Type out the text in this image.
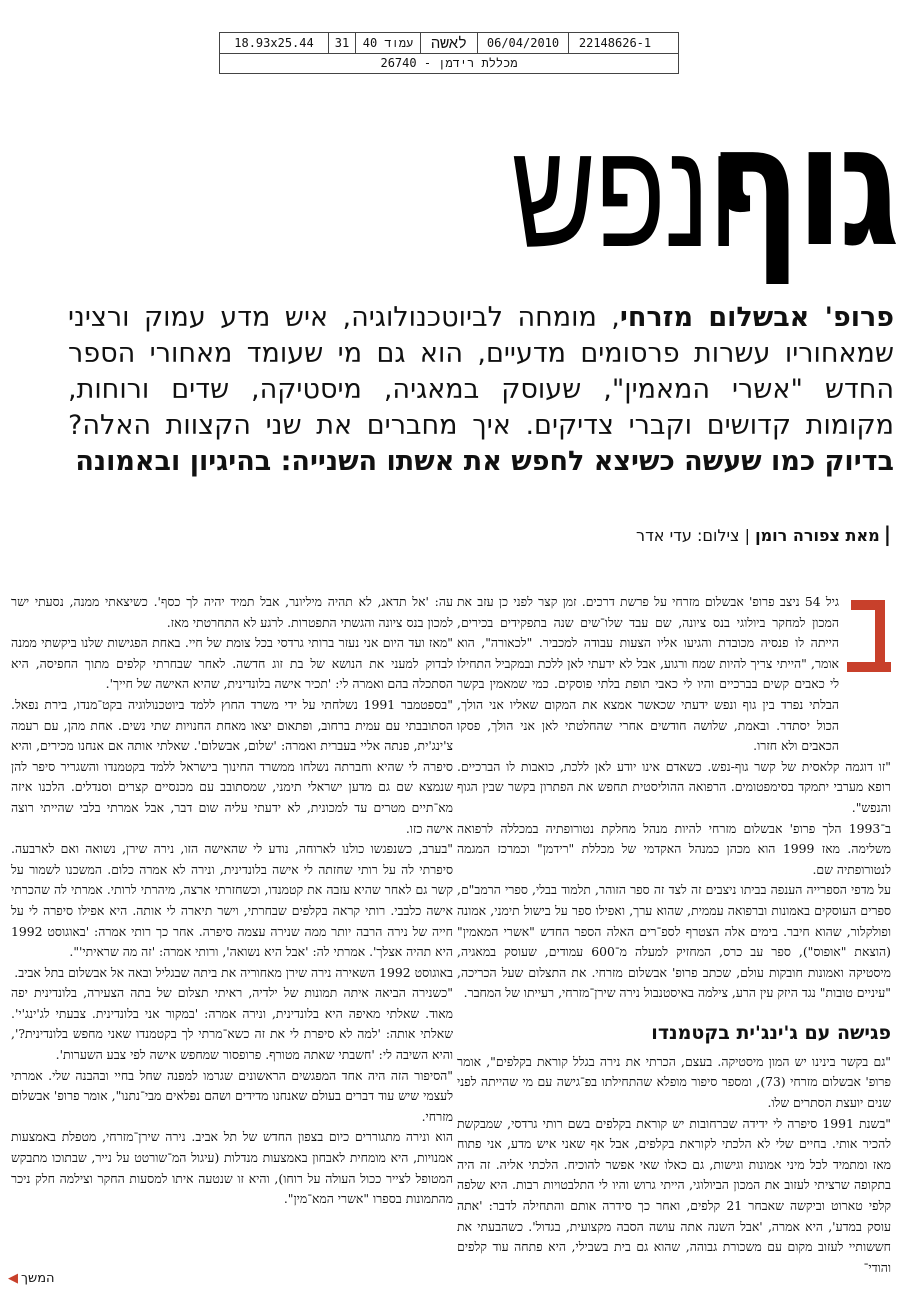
18.93x25.44	31	עמוד 40	לאשה	06/04/2010	22148626-1
מכללת רידמן - 26740
גוף
ונפש
פרופ' אבשלום מזרחי, מומחה לביוטכנולוגיה, איש מדע עמוק ורציני שמאחוריו עשרות פרסומים מדעיים, הוא גם מי שעומד מאחורי הספר החדש "אשרי המאמין", שעוסק במאגיה, מיסטיקה, שדים ורוחות, מקומות קדושים וקברי צדיקים. איך מחברים את שני הקצוות האלה? בדיוק כמו שעשה כשיצא לחפש את אשתו השנייה: בהיגיון ובאמונה
|מאת צפורה רומן | צילום: עדי אדר

גיל 54 ניצב פרופ' אבשלום מזרחי על פרשת דרכים. זמן קצר לפני כן עזב את המכון למחקר ביולוגי בנס ציונה, שם עבד שלו־שים שנה בתפקידים בכירים, הייתה לו פנסיה מכובדת והגיעו אליו הצעות עבודה למכביר. "לכאורה", הוא אומר, "הייתי צריך להיות שמח ורגוע, אבל לא ידעתי לאן ללכת ובמקביל התחילו לי כאבים קשים בברכיים והיו לי כאבי תופת בלתי פוסקים. כמי שמאמין בקשר הבלתי נפרד בין גוף ונפש ידעתי שכאשר אמצא את המקום שאליו אני הולך, הכול יסתדר. ובאמת, שלושה חודשים אחרי שהחלטתי לאן אני הולך, פסקו הכאבים ולא חזרו.

"זו דוגמה קלאסית של קשר גוף-נפש. כשאדם אינו יודע לאן ללכת, כואבות לו הברכיים. רופא מערבי יתמקד בסימפטומים. הרפואה ההוליסטית תחפש את הפתרון בקשר שבין הגוף והנפש".

ב־1993 הלך פרופ' אבשלום מזרחי להיות מנהל מחלקת נטורופתיה במכללה לרפואה משלימה. מאז 1999 הוא מכהן כמנהל האקדמי של מכללת "רידמן" וכמרכז המגמה לנטורופתיה שם.

על מדפי הספרייה הענפה בביתו ניצבים זה לצד זה ספר הזוהר, תלמוד בבלי, ספרי הרמב"ם, ספרים העוסקים באמונות וברפואה עממית, שהוא ערך, ואפילו ספר על בישול תימני, אמונה ופולקלור, שהוא חיבר. בימים אלה הצטרף לספ־רים האלה הספר החדש "אשרי המאמין" (הוצאת "אופוס"), ספר עב כרס, המחזיק למעלה מ־600 עמודים, שעוסק במאגיה, מיסטיקה ואמונות חובקות עולם, שכתב פרופ' אבשלום מזרחי. את התצלום שעל הכריכה, "עיניים טובות" נגד היזק עין הרע, צילמה באיסטנבול נירה שירן־מזרחי, רעייתו של המחבר.

פגישה עם ג'ינג'ית בקטמנדו

"גם בקשר בינינו יש המון מיסטיקה. בעצם, הכרתי את נירה בגלל קוראת בקלפים", אומר פרופ' אבשלום מזרחי (73), ומספר סיפור מופלא שהתחילתו בפ־גישה עם מי שהייתה לפני שנים יועצת הסתרים שלו.

"בשנת 1991 סיפרה לי ידידה שברחובות יש קוראת בקלפים בשם רותי גרדסי, שמבקשת להכיר אותי. בחיים שלי לא הלכתי לקוראת בקלפים, אבל אף שאני איש מדע, אני פתוח מאז ומתמיד לכל מיני אמונות וגישות, גם כאלו שאי אפשר להוכיח. הלכתי אליה. זה היה בתקופה שרציתי לעזוב את המכון הביולוגי, הייתי גרוש והיו לי התלבטויות רבות. היא שלפה קלפי טארוט וביקשה שאבחר 21 קלפים, ואחר כך סידרה אותם והתחילה לדבר: 'אתה עוסק במדע', היא אמרה, 'אבל השנה אתה עושה הסבה מקצועית, בגדול'. כשהבעתי את חששותיי לעזוב מקום עם משכורת גבוהה, שהוא גם בית בשבילי, היא פתחה עוד קלפים והודי־

עה: 'אל תדאג, לא תהיה מיליונר, אבל תמיד יהיה לך כסף'. כשיצאתי ממנה, נסעתי ישר למכון בנס ציונה והגשתי התפטרות. לרגע לא התחרטתי מאז.

"מאז ועד היום אני נעזר ברותי גרדסי בכל צומת של חיי. באחת הפגישות שלנו ביקשתי ממנה לבדוק למעני את הנושא של בת זוג חדשה. לאחר שבחרתי קלפים מתוך החפיסה, היא הסתכלה בהם ואמרה לי: 'תכיר אישה בלונדינית, שהיא האישה של חייך'.

"בספטמבר 1991 נשלחתי על ידי משרד החוץ ללמד ביוטכנולוגיה בקט־מנדו, בירת נפאל. הסתובבתי עם עמית ברחוב, ופתאום יצאו מאחת החנויות שתי נשים. אחת מהן, עם רעמה צ'ינג'ית, פנתה אליי בעברית ואמרה: 'שלום, אבשלום'. שאלתי אותה אם אנחנו מכירים, והיא סיפרה לי שהיא וחברתה נשלחו ממשרד החינוך בישראל ללמד בקטמנדו והשגריר סיפר להן שנמצא שם גם מדען ישראלי תימני, שמסתובב עם מכנסיים קצרים וסנדלים. הלכנו איזה מא־תיים מטרים עד למכונית, לא ידעתי עליה שום דבר, אבל אמרתי בלבי שהייתי רוצה אישה כזו.

"בערב, כשנפגשו כולנו לארוחה, נודע לי שהאישה הזו, נירה שירן, נשואה ואם לארבעה. סיפרתי לה על רותי שחזתה לי אישה בלונדינית, ונירה לא אמרה כלום. המשכנו לשמור על קשר גם לאחר שהיא עזבה את קטמנדו, וכשחזרתי ארצה, מיהרתי לרותי. אמרתי לה שהכרתי אישה כלבבי. רותי קראה בקלפים שבחרתי, וישר תיארה לי אותה. היא אפילו סיפרה לי על חייה של נירה הרבה יותר ממה שנירה עצמה סיפרה. אחר כך רותי אמרה: 'באוגוסט 1992 היא תהיה אצלך'. אמרתי לה: 'אבל היא נשואה', ורותי אמרה: 'זה מה שראיתי'".

באוגוסט 1992 השאירה נירה שירן מאחוריה את ביתה שבגליל ובאה אל אבשלום בתל אביב.

"כשנירה הביאה איתה תמונות של ילדיה, ראיתי תצלום של בתה הצעירה, בלונדינית יפה מאוד. שאלתי מאיפה היא בלונדינית, ונירה אמרה: 'במקור אני בלונדינית. צבעתי לג'ינג'י'. שאלתי אותה: 'למה לא סיפרת לי את זה כשא־מרתי לך בקטמנדו שאני מחפש בלונדינית?', והיא השיבה לי: 'חשבתי שאתה מטורף. פרופסור שמחפש אישה לפי צבע השערות'.

"הסיפור הזה היה אחד המפגשים הראשונים שגרמו למפנה שחל בחיי ובהבנה שלי. אמרתי לעצמי שיש עוד דברים בעולם שאנחנו מדידים ושהם נפלאים מבי־נתנו", אומר פרופ' אבשלום מזרחי.

הוא ונירה מתגוררים כיום בצפון החדש של תל אביב. נירה שירן־מזרחי, מטפלת באמצעות אמנויות, היא מומחית לאבחון באמצעות מנדלות (עיגול המ־שורטט על נייר, שבתוכו מתבקש המטופל לצייר ככול העולה על רוחו), והיא זו שנטעה איתו למסעות החקר וצילמה חלק ניכר מהתמונות בספרו "אשרי המא־מין".

המשך
◀
